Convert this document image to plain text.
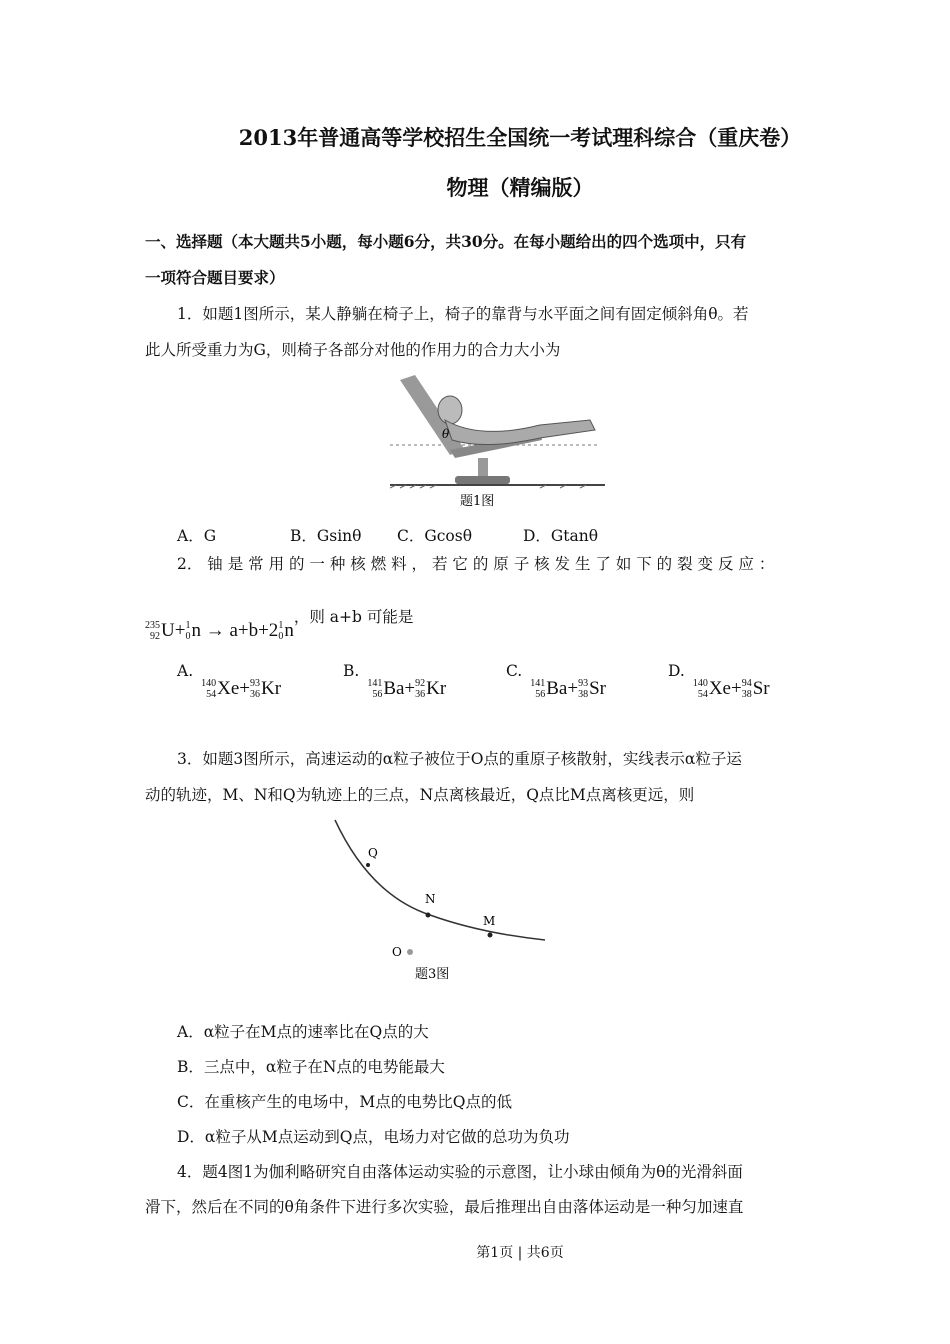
2013年普通高等学校招生全国统一考试理科综合（重庆卷）
物理（精编版）
一、选择题（本大题共5小题，每小题6分，共30分。在每小题给出的四个选项中，只有
一项符合题目要求）
1．如题1图所示，某人静躺在椅子上，椅子的靠背与水平面之间有固定倾斜角θ。若
此人所受重力为G，则椅子各部分对他的作用力的合力大小为
θ
题1图
A．G	B．Gsinθ C．Gcosθ	D．Gtanθ
2． 铀 是 常 用 的 一 种 核 燃 料 ， 若 它 的 原 子 核 发 生 了 如 下 的 裂 变 反 应 ：
235
92 U+ 1
0 n → a+b+2 1
0 n
，则 a+b 可能是
A.
140
54 Xe+ 93
36 Kr
B.
141
56 Ba+ 92
36 Kr
C.
141
56 Ba+ 93
38 Sr
D.
140
54 Xe+ 94
38 Sr
3．如题3图所示，高速运动的α粒子被位于O点的重原子核散射，实线表示α粒子运
动的轨迹，M、N和Q为轨迹上的三点，N点离核最近，Q点比M点离核更远，则
Q
N
M
O
题3图
A．α粒子在M点的速率比在Q点的大
B．三点中，α粒子在N点的电势能最大
C．在重核产生的电场中，M点的电势比Q点的低
D．α粒子从M点运动到Q点，电场力对它做的总功为负功
4．题4图1为伽利略研究自由落体运动实验的示意图，让小球由倾角为θ的光滑斜面
滑下，然后在不同的θ角条件下进行多次实验，最后推理出自由落体运动是一种匀加速直
第1页 | 共6页
